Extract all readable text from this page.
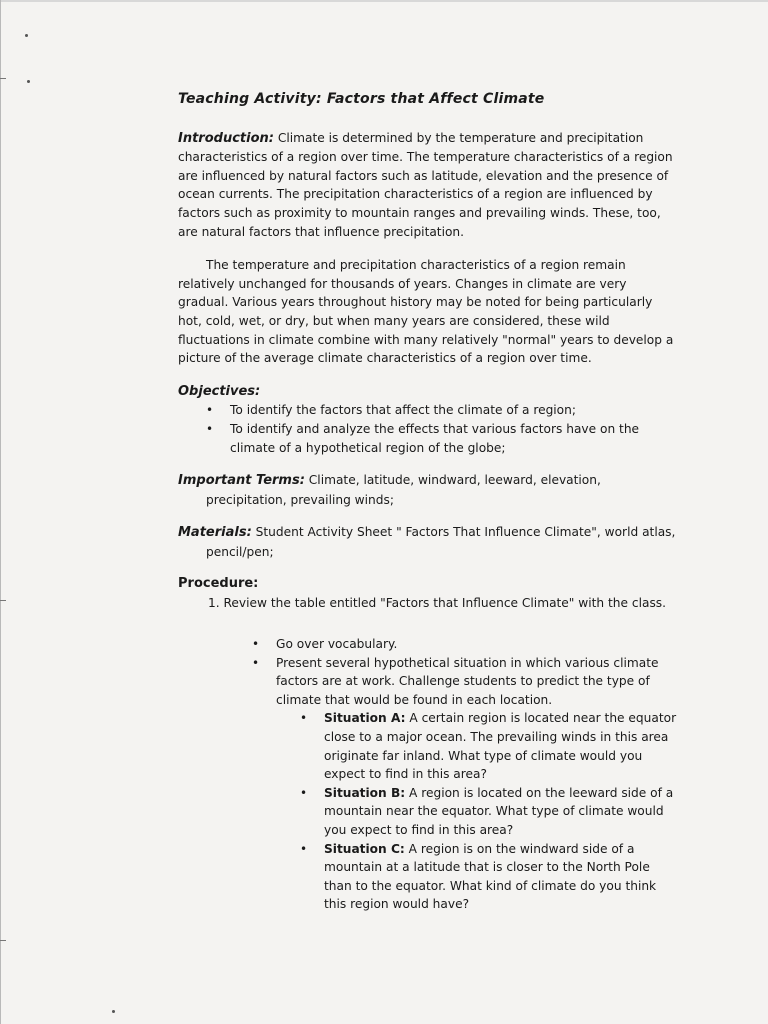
Teaching Activity: Factors that Affect Climate

Introduction: Climate is determined by the temperature and precipitation characteristics of a region over time. The temperature characteristics of a region are influenced by natural factors such as latitude, elevation and the presence of ocean currents. The precipitation characteristics of a region are influenced by factors such as proximity to mountain ranges and prevailing winds. These, too, are natural factors that influence precipitation.

The temperature and precipitation characteristics of a region remain relatively unchanged for thousands of years. Changes in climate are very gradual. Various years throughout history may be noted for being particularly hot, cold, wet, or dry, but when many years are considered, these wild fluctuations in climate combine with many relatively "normal" years to develop a picture of the average climate characteristics of a region over time.

Objectives:
• To identify the factors that affect the climate of a region;
• To identify and analyze the effects that various factors have on the climate of a hypothetical region of the globe;

Important Terms: Climate, latitude, windward, leeward, elevation, precipitation, prevailing winds;

Materials: Student Activity Sheet " Factors That Influence Climate", world atlas, pencil/pen;

Procedure:

1. Review the table entitled "Factors that Influence Climate" with the class.

• Go over vocabulary.
• Present several hypothetical situation in which various climate factors are at work. Challenge students to predict the type of climate that would be found in each location.
• Situation A: A certain region is located near the equator close to a major ocean. The prevailing winds in this area originate far inland. What type of climate would you expect to find in this area?
• Situation B: A region is located on the leeward side of a mountain near the equator. What type of climate would you expect to find in this area?
• Situation C: A region is on the windward side of a mountain at a latitude that is closer to the North Pole than to the equator. What kind of climate do you think this region would have?
